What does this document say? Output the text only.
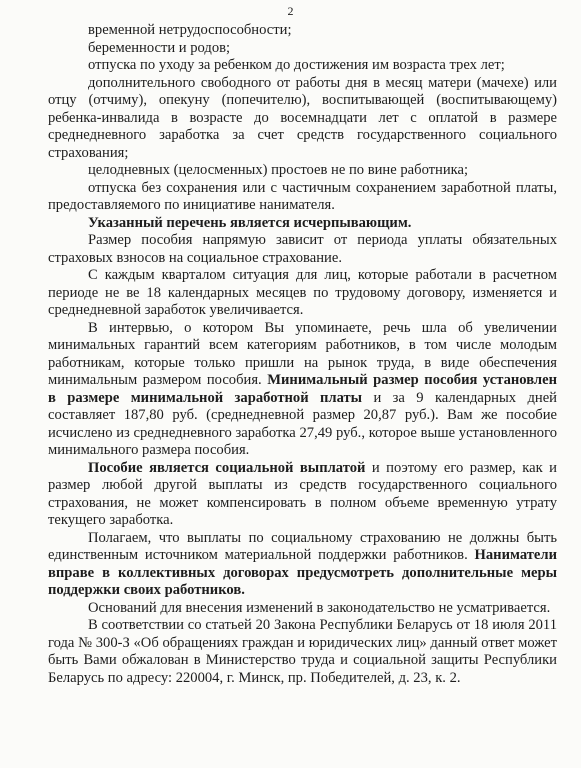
2

временной нетрудоспособности;

беременности и родов;

отпуска по уходу за ребенком до достижения им возраста трех лет;

дополнительного свободного от работы дня в месяц матери (мачехе) или отцу (отчиму), опекуну (попечителю), воспитывающей (воспитывающему) ребенка-инвалида в возрасте до восемнадцати лет с оплатой в размере среднедневного заработка за счет средств государственного социального страхования;

целодневных (целосменных) простоев не по вине работника;

отпуска без сохранения или с частичным сохранением заработной платы, предоставляемого по инициативе нанимателя.

Указанный перечень является исчерпывающим.

Размер пособия напрямую зависит от периода уплаты обязательных страховых взносов на социальное страхование.

С каждым кварталом ситуация для лиц, которые работали в расчетном периоде не ве 18 календарных месяцев по трудовому договору, изменяется и среднедневной заработок увеличивается.

В интервью, о котором Вы упоминаете, речь шла об увеличении минимальных гарантий всем категориям работников, в том числе молодым работникам, которые только пришли на рынок труда, в виде обеспечения минимальным размером пособия. Минимальный размер пособия установлен в размере минимальной заработной платы и за 9 календарных дней составляет 187,80 руб. (среднедневной размер 20,87 руб.). Вам же пособие исчислено из среднедневного заработка 27,49 руб., которое выше установленного минимального размера пособия.

Пособие является социальной выплатой и поэтому его размер, как и размер любой другой выплаты из средств государственного социального страхования, не может компенсировать в полном объеме временную утрату текущего заработка.

Полагаем, что выплаты по социальному страхованию не должны быть единственным источником материальной поддержки работников. Наниматели вправе в коллективных договорах предусмотреть дополнительные меры поддержки своих работников.

Оснований для внесения изменений в законодательство не усматривается.

В соответствии со статьей 20 Закона Республики Беларусь от 18 июля 2011 года № 300-З «Об обращениях граждан и юридических лиц» данный ответ может быть Вами обжалован в Министерство труда и социальной защиты Республики Беларусь по адресу: 220004, г. Минск, пр. Победителей, д. 23, к. 2.
